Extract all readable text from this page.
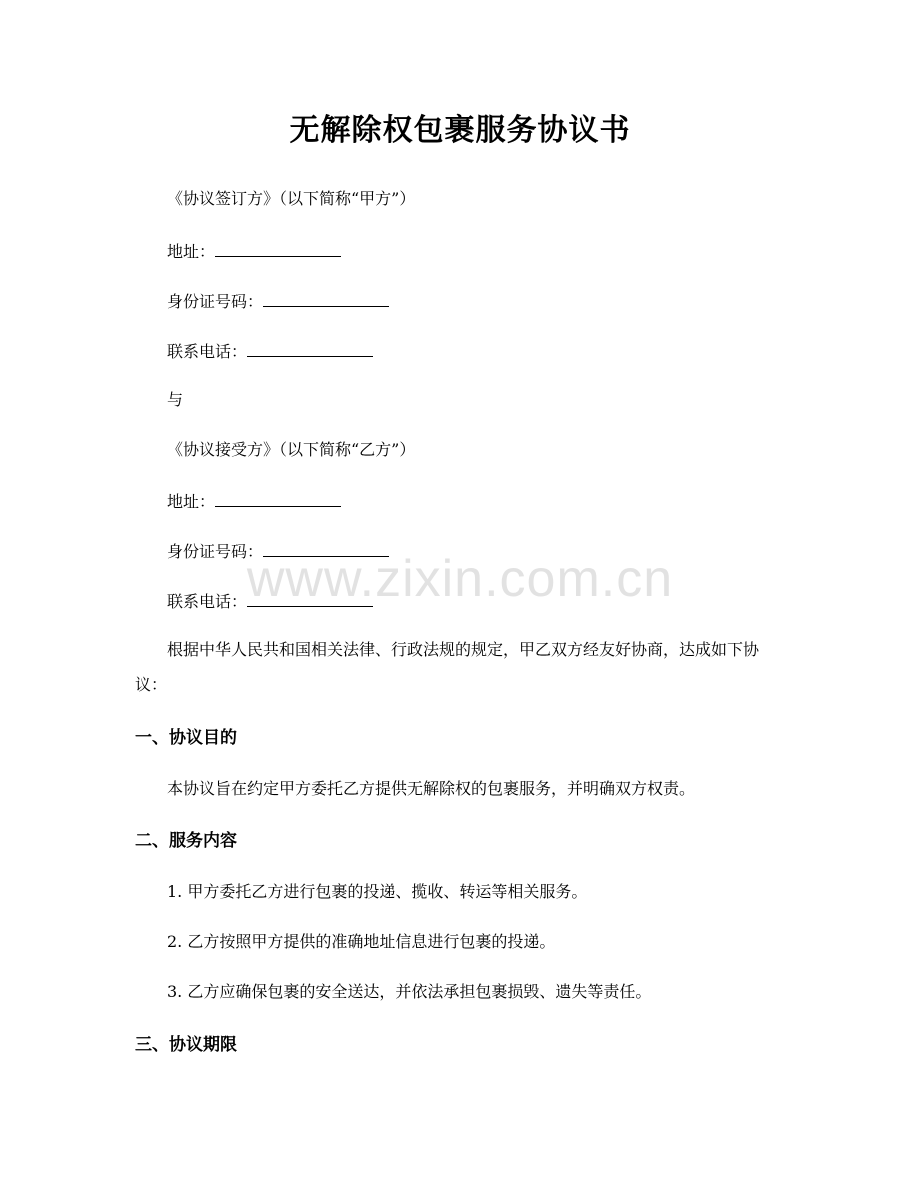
无解除权包裹服务协议书
《协议签订方》（以下简称“甲方”）
地址：
身份证号码：
联系电话：
与
《协议接受方》（以下简称“乙方”）
地址：
身份证号码：
联系电话：
根据中华人民共和国相关法律、行政法规的规定，甲乙双方经友好协商，达成如下协议：
一、协议目的
本协议旨在约定甲方委托乙方提供无解除权的包裹服务，并明确双方权责。
二、服务内容
1. 甲方委托乙方进行包裹的投递、揽收、转运等相关服务。
2. 乙方按照甲方提供的准确地址信息进行包裹的投递。
3. 乙方应确保包裹的安全送达，并依法承担包裹损毁、遗失等责任。
三、协议期限
www.zixin.com.cn
